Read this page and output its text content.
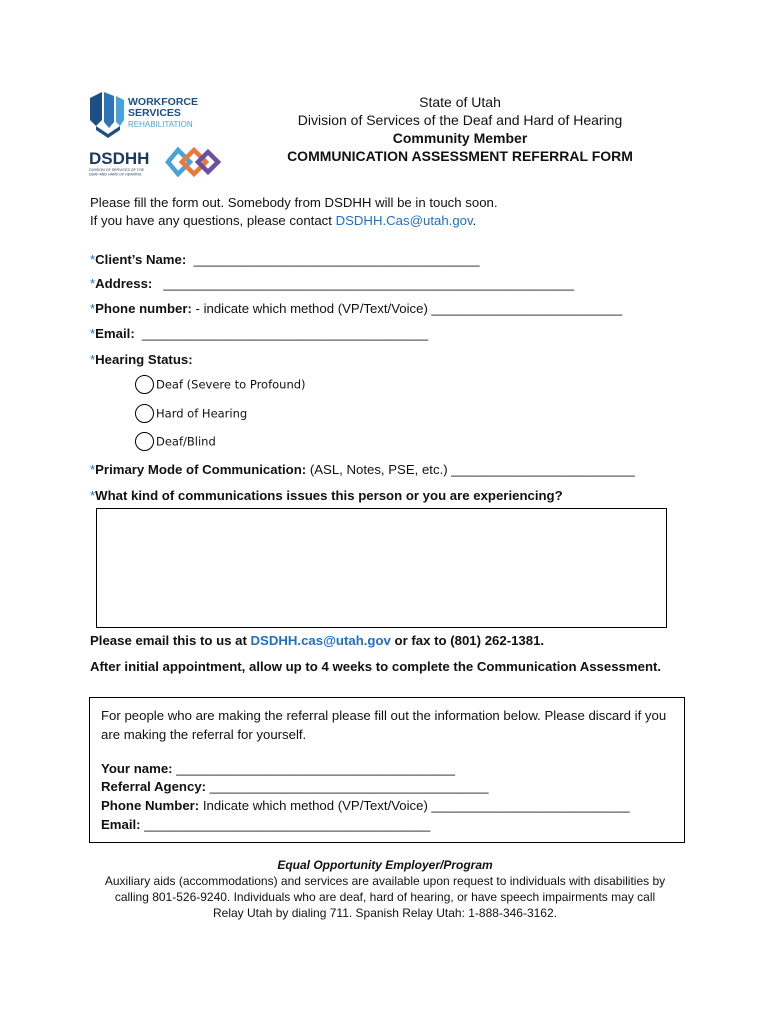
WORKFORCE
SERVICES
REHABILITATION
DSDHH
DIVISION OF SERVICES OF THE
DEAF AND HARD OF HEARING
State of Utah
Division of Services of the Deaf and Hard of Hearing
Community Member
COMMUNICATION ASSESSMENT REFERRAL FORM
Please fill the form out. Somebody from DSDHH will be in touch soon.
If you have any questions, please contact DSDHH.Cas@utah.gov.
*Client’s Name: _______________________________________
*Address: ________________________________________________________
*Phone number: - indicate which method (VP/Text/Voice) __________________________
*Email: _______________________________________
*Hearing Status:
Deaf (Severe to Profound)
Hard of Hearing
Deaf/Blind
*Primary Mode of Communication: (ASL, Notes, PSE, etc.) _________________________
*What kind of communications issues this person or you are experiencing?
Please email this to us at DSDHH.cas@utah.gov or fax to (801) 262-1381.
After initial appointment, allow up to 4 weeks to complete the Communication Assessment.
For people who are making the referral please fill out the information below. Please discard if you are making the referral for yourself.
Your name: ______________________________________
Referral Agency: ______________________________________
Phone Number: Indicate which method (VP/Text/Voice) ___________________________
Email: _______________________________________
Equal Opportunity Employer/Program
Auxiliary aids (accommodations) and services are available upon request to individuals with disabilities by
calling 801-526-9240. Individuals who are deaf, hard of hearing, or have speech impairments may call
Relay Utah by dialing 711. Spanish Relay Utah: 1-888-346-3162.
